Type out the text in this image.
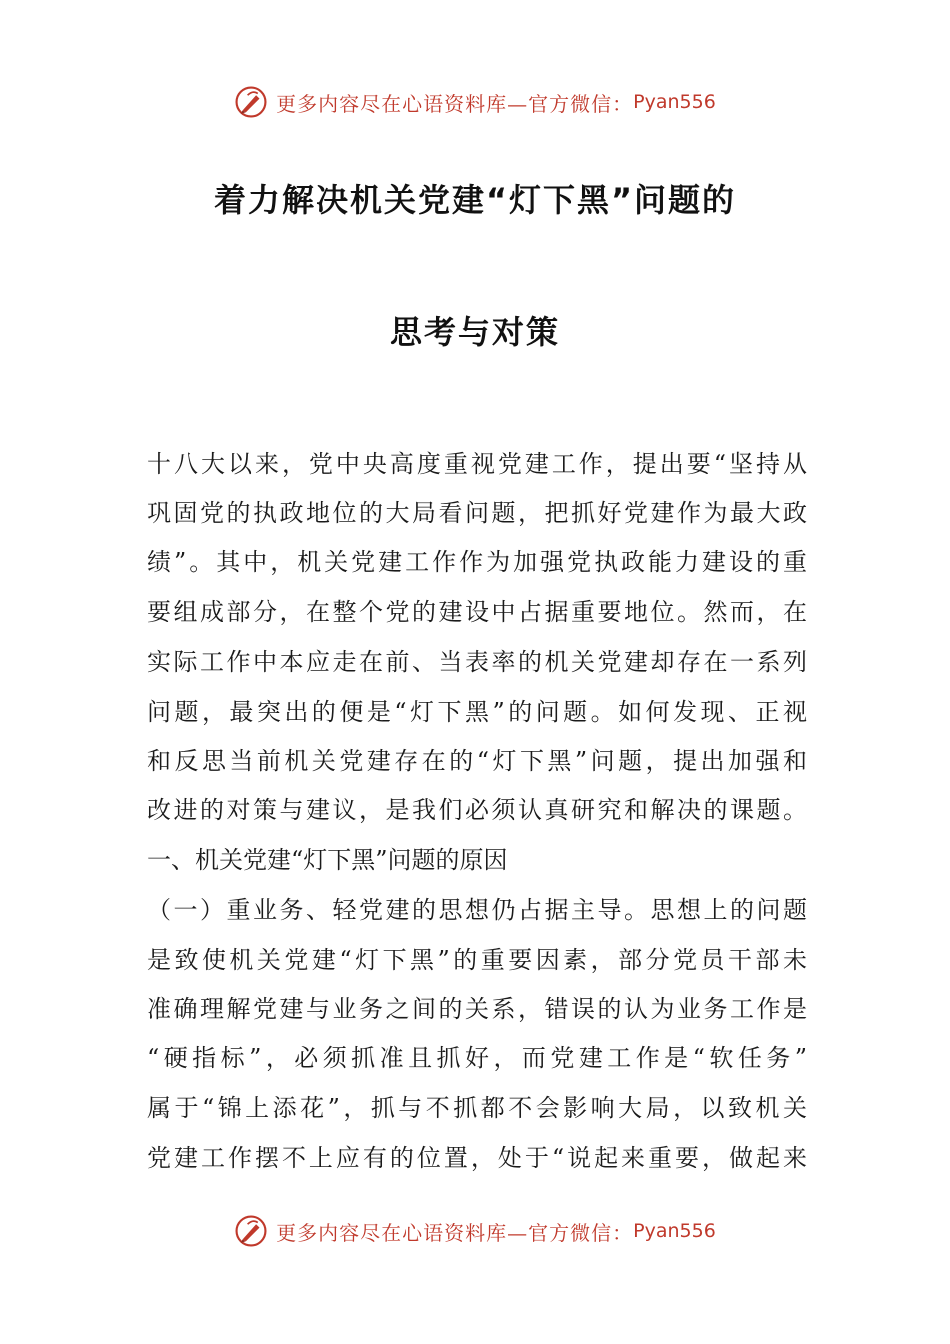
更多内容尽在心语资料库—官方微信： Pyan556
着力解决机关党建“灯下黑”问题的
思考与对策
十八大以来，党中央高度重视党建工作，提出要“坚持从
巩固党的执政地位的大局看问题，把抓好党建作为最大政
绩”。其中，机关党建工作作为加强党执政能力建设的重
要组成部分，在整个党的建设中占据重要地位。然而，在
实际工作中本应走在前、当表率的机关党建却存在一系列
问题，最突出的便是“灯下黑”的问题。如何发现、正视
和反思当前机关党建存在的“灯下黑”问题，提出加强和
改进的对策与建议，是我们必须认真研究和解决的课题。
一、机关党建“灯下黑”问题的原因
（一）重业务、轻党建的思想仍占据主导。思想上的问题
是致使机关党建“灯下黑”的重要因素，部分党员干部未
准确理解党建与业务之间的关系，错误的认为业务工作是
“硬指标”，必须抓准且抓好，而党建工作是“软任务”
属于“锦上添花”，抓与不抓都不会影响大局，以致机关
党建工作摆不上应有的位置，处于“说起来重要，做起来
更多内容尽在心语资料库—官方微信： Pyan556
